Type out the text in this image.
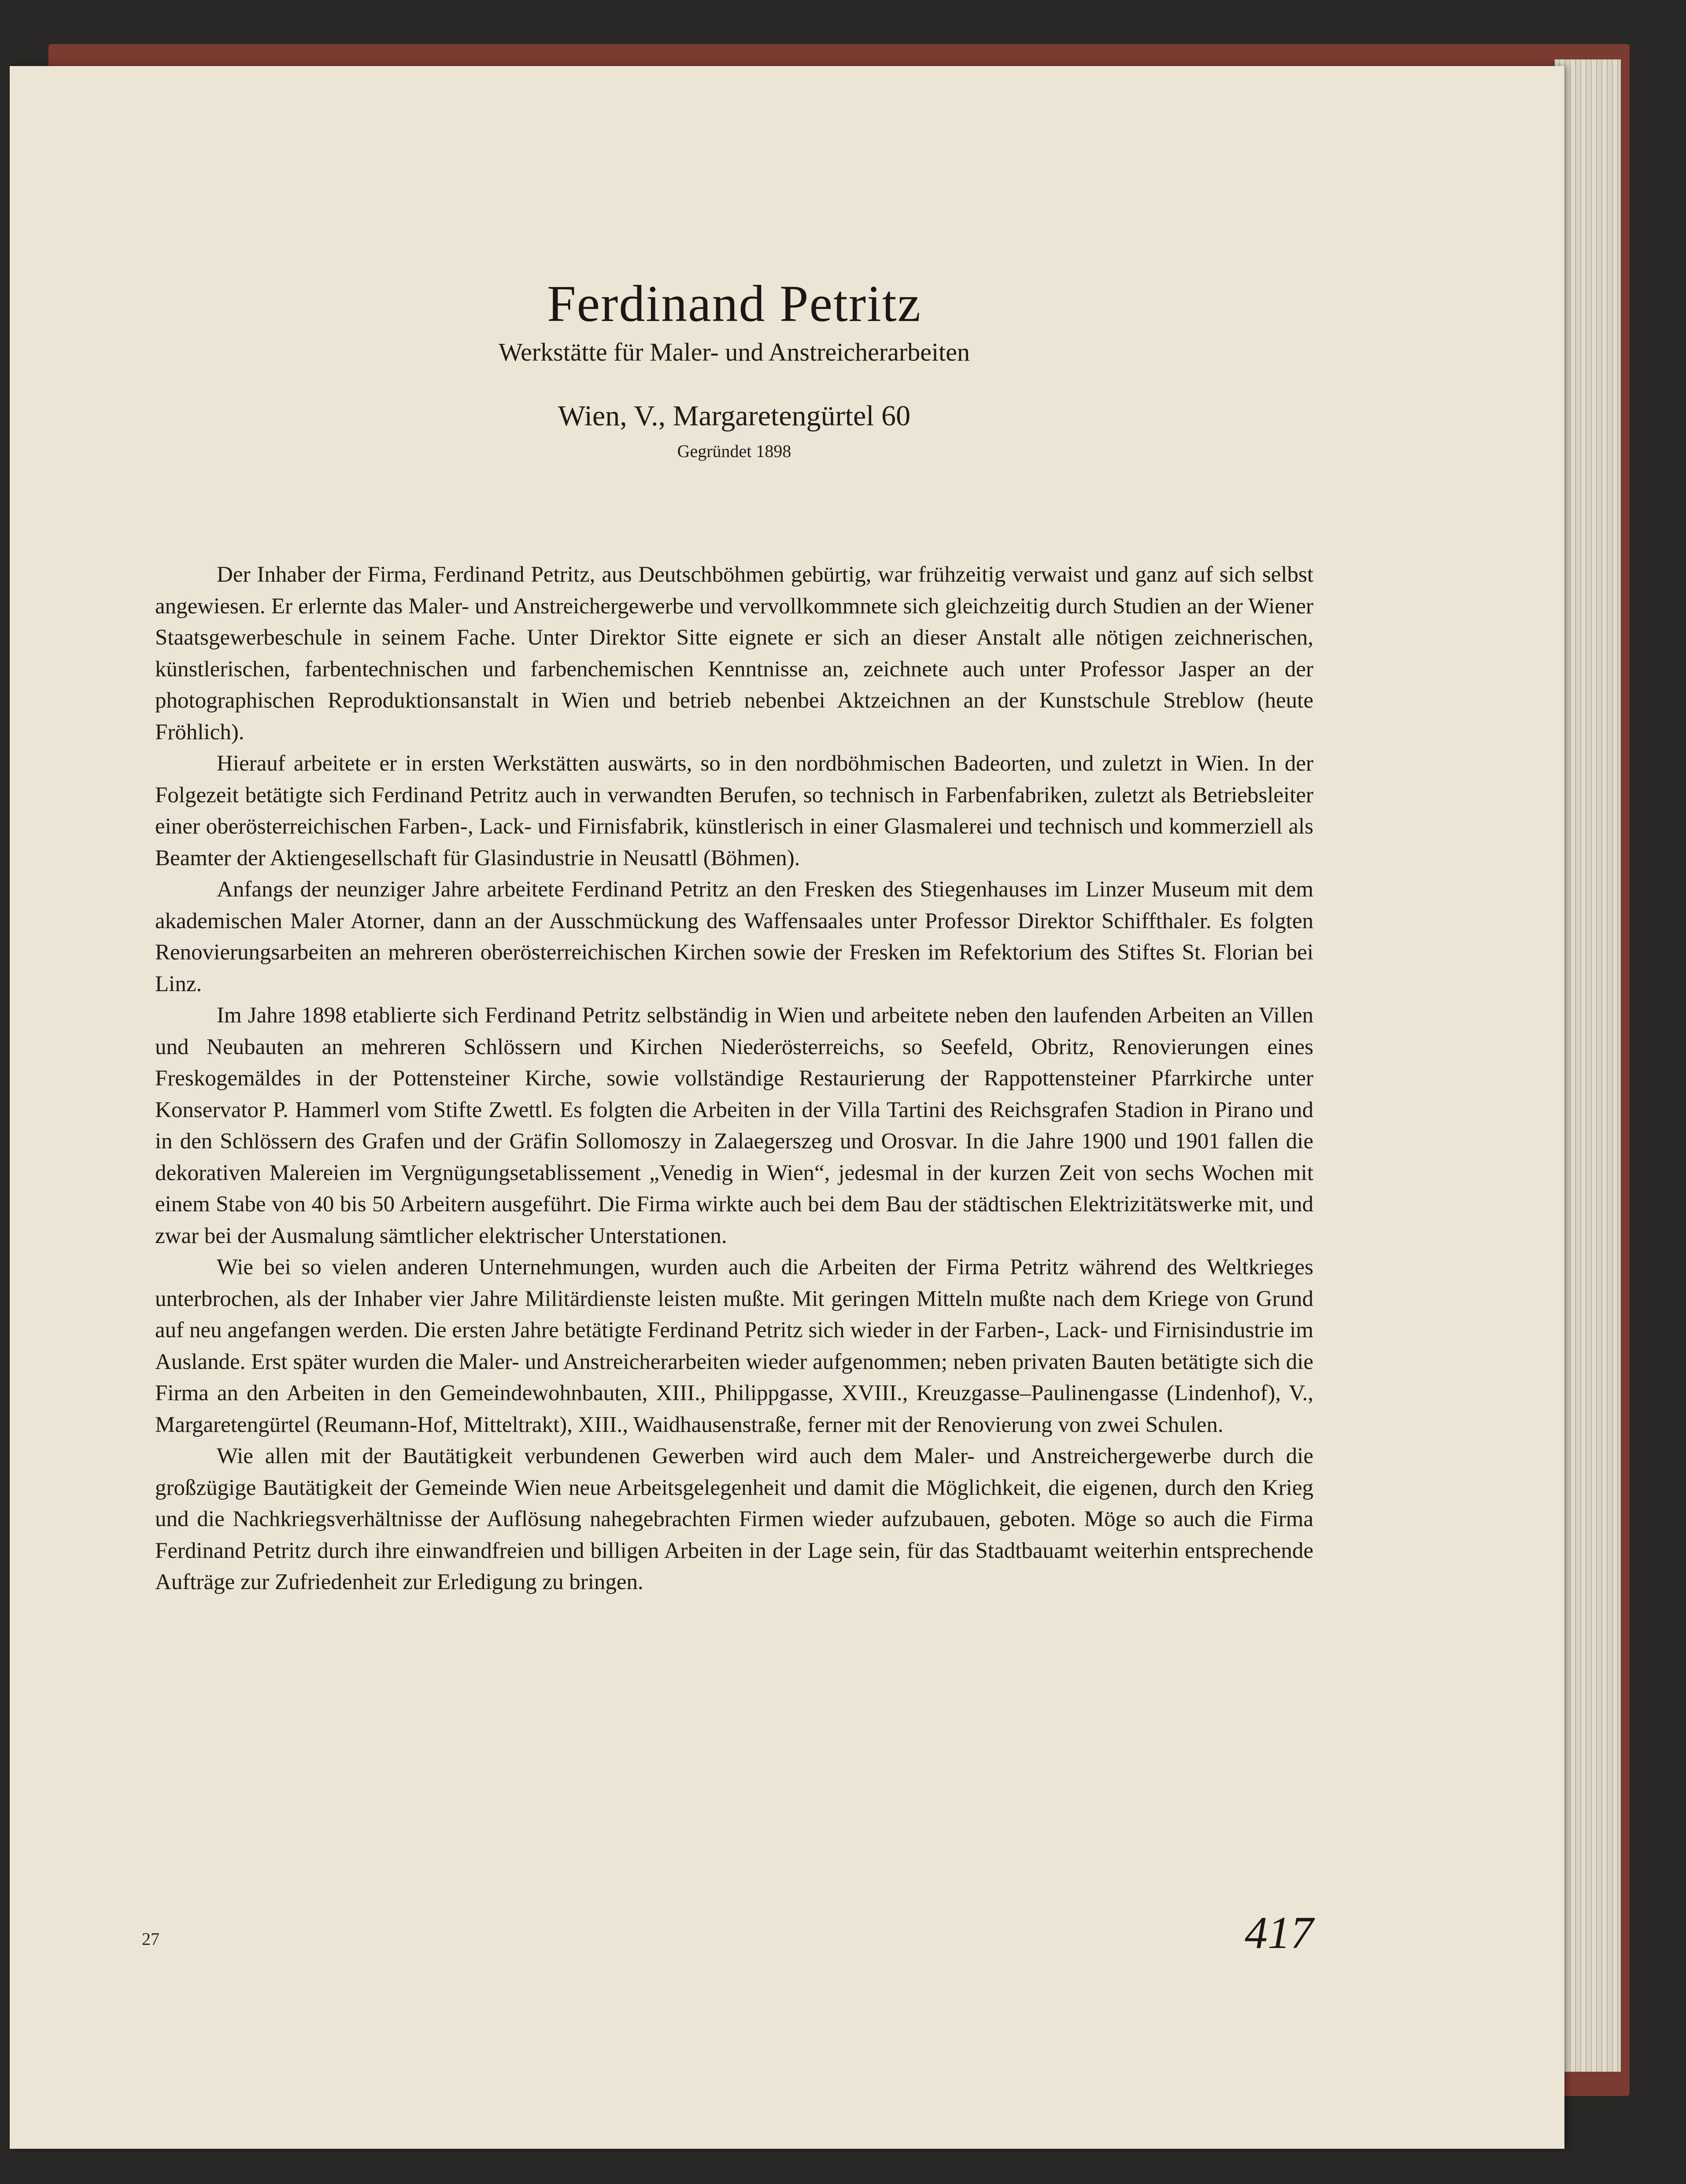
Ferdinand Petritz
Werkstätte für Maler- und Anstreicherarbeiten
Wien, V., Margaretengürtel 60
Gegründet 1898

Der Inhaber der Firma, Ferdinand Petritz, aus Deutschböhmen gebürtig, war frühzeitig verwaist und ganz auf sich selbst angewiesen. Er erlernte das Maler- und Anstreichergewerbe und vervollkommnete sich gleichzeitig durch Studien an der Wiener Staatsgewerbeschule in seinem Fache. Unter Direktor Sitte eignete er sich an dieser Anstalt alle nötigen zeichnerischen, künstlerischen, farbentechnischen und farbenchemischen Kenntnisse an, zeichnete auch unter Professor Jasper an der photographischen Reproduktionsanstalt in Wien und betrieb nebenbei Aktzeichnen an der Kunstschule Streblow (heute Fröhlich).

Hierauf arbeitete er in ersten Werkstätten auswärts, so in den nordböhmischen Badeorten, und zuletzt in Wien. In der Folgezeit betätigte sich Ferdinand Petritz auch in verwandten Berufen, so technisch in Farbenfabriken, zuletzt als Betriebsleiter einer oberösterreichischen Farben-, Lack- und Firnisfabrik, künstlerisch in einer Glasmalerei und technisch und kommerziell als Beamter der Aktiengesellschaft für Glasindustrie in Neusattl (Böhmen).

Anfangs der neunziger Jahre arbeitete Ferdinand Petritz an den Fresken des Stiegenhauses im Linzer Museum mit dem akademischen Maler Atorner, dann an der Ausschmückung des Waffensaales unter Professor Direktor Schiffthaler. Es folgten Renovierungsarbeiten an mehreren oberösterreichischen Kirchen sowie der Fresken im Refektorium des Stiftes St. Florian bei Linz.

Im Jahre 1898 etablierte sich Ferdinand Petritz selbständig in Wien und arbeitete neben den laufenden Arbeiten an Villen und Neubauten an mehreren Schlössern und Kirchen Niederösterreichs, so Seefeld, Obritz, Renovierungen eines Freskogemäldes in der Pottensteiner Kirche, sowie vollständige Restaurierung der Rappottensteiner Pfarrkirche unter Konservator P. Hammerl vom Stifte Zwettl. Es folgten die Arbeiten in der Villa Tartini des Reichsgrafen Stadion in Pirano und in den Schlössern des Grafen und der Gräfin Sollomoszy in Zalaegerszeg und Orosvar. In die Jahre 1900 und 1901 fallen die dekorativen Malereien im Vergnügungsetablissement „Venedig in Wien“, jedesmal in der kurzen Zeit von sechs Wochen mit einem Stabe von 40 bis 50 Arbeitern ausgeführt. Die Firma wirkte auch bei dem Bau der städtischen Elektrizitätswerke mit, und zwar bei der Ausmalung sämtlicher elektrischer Unterstationen.

Wie bei so vielen anderen Unternehmungen, wurden auch die Arbeiten der Firma Petritz während des Weltkrieges unterbrochen, als der Inhaber vier Jahre Militärdienste leisten mußte. Mit geringen Mitteln mußte nach dem Kriege von Grund auf neu angefangen werden. Die ersten Jahre betätigte Ferdinand Petritz sich wieder in der Farben-, Lack- und Firnisindustrie im Auslande. Erst später wurden die Maler- und Anstreicherarbeiten wieder aufgenommen; neben privaten Bauten betätigte sich die Firma an den Arbeiten in den Gemeindewohnbauten, XIII., Philippgasse, XVIII., Kreuzgasse–Paulinengasse (Lindenhof), V., Margaretengürtel (Reumann-Hof, Mitteltrakt), XIII., Waidhausenstraße, ferner mit der Renovierung von zwei Schulen.

Wie allen mit der Bautätigkeit verbundenen Gewerben wird auch dem Maler- und Anstreichergewerbe durch die großzügige Bautätigkeit der Gemeinde Wien neue Arbeitsgelegenheit und damit die Möglichkeit, die eigenen, durch den Krieg und die Nachkriegsverhältnisse der Auflösung nahegebrachten Firmen wieder aufzubauen, geboten. Möge so auch die Firma Ferdinand Petritz durch ihre einwandfreien und billigen Arbeiten in der Lage sein, für das Stadtbauamt weiterhin entsprechende Aufträge zur Zufriedenheit zur Erledigung zu bringen.

27	417
